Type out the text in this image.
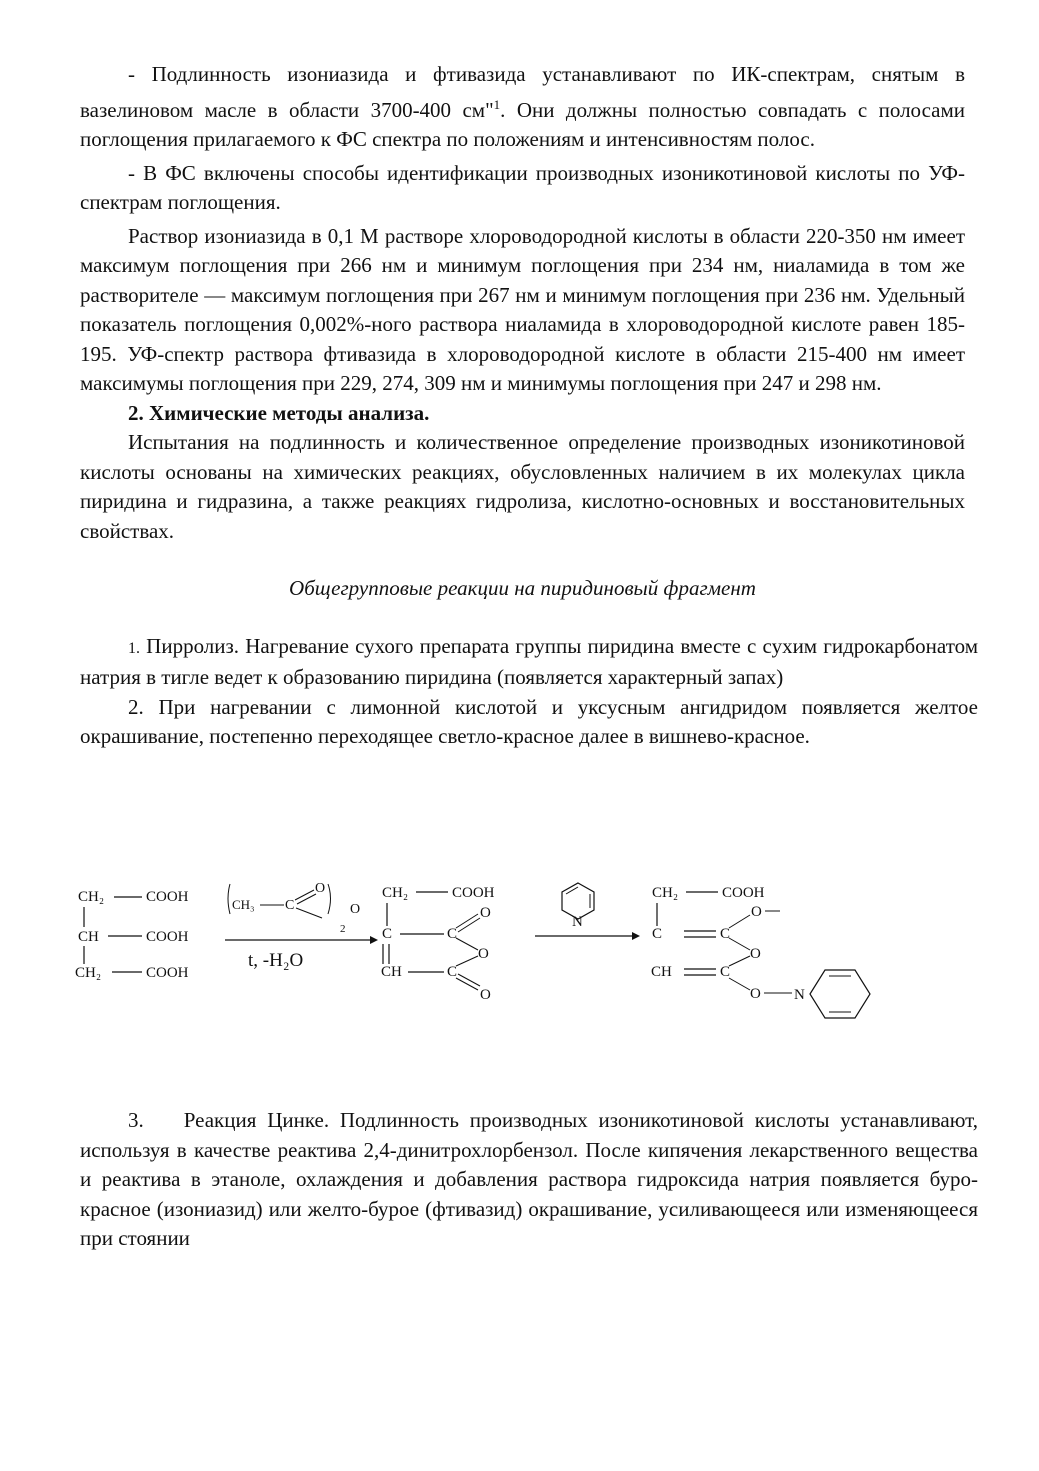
- Подлинность изониазида и фтивазида устанавливают по ИК-спектрам, снятым в вазелиновом масле в области 3700-400 см"$^1$. Они должны полностью совпадать с полосами поглощения прилагаемого к ФС спектра по положениям и интенсивностям полос.

- В ФС включены способы идентификации производных изоникотиновой кислоты по УФ-спектрам поглощения.

Раствор изониазида в 0,1 М растворе хлороводородной кислоты в области 220-350 нм имеет максимум поглощения при 266 нм и минимум поглощения при 234 нм, ниаламида в том же растворителе — максимум поглощения при 267 нм и минимум поглощения при 236 нм. Удельный показатель поглощения 0,002%-ного раствора ниаламида в хлороводородной кислоте равен 185-195. УФ-спектр раствора фтивазида в хлороводородной кислоте в области 215-400 нм имеет максимумы поглощения при 229, 274, 309 нм и минимумы поглощения при 247 и 298 нм.

2. Химические методы анализа.

Испытания на подлинность и количественное определение производных изоникотиновой кислоты основаны на химических реакциях, обусловленных наличием в их молекулах цикла пиридина и гидразина, а также реакциях гидролиза, кислотно-основных и восстановительных свойствах.

Общегрупповые реакции на пиридиновый фрагмент

1. Пирролиз. Нагревание сухого препарата группы пиридина вместе с сухим гидрокарбонатом натрия в тигле ведет к образованию пиридина (появляется характерный запах)

2. При нагревании с лимонной кислотой и уксусным ангидридом появляется желтое окрашивание, постепенно переходящее светло-красное далее в вишнево-красное.

CH₂	COOH
CH	COOH
CH₂	COOH
CH₃ C
O
O
2
t, -H₂O
CH₂	COOH
C	C
O
O
CH	C
O
N
CH₂	COOH
C	C
O
O
CH	C
O N

3. Реакция Цинке. Подлинность производных изоникотиновой кислоты устанавливают, используя в качестве реактива 2,4-динитрохлорбензол. После кипячения лекарственного вещества и реактива в этаноле, охлаждения и добавления раствора гидроксида натрия появляется буро-красное (изониазид) или желто-бурое (фтивазид) окрашивание, усиливающееся или изменяющееся при стоянии
